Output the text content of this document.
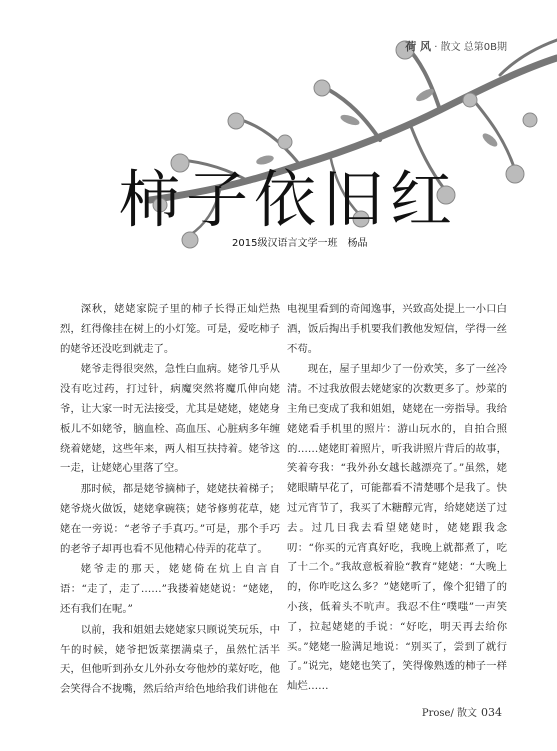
荷 风 · 散文 总第0B期
柿子依旧红
2015级汉语言文学一班 杨晶

深秋，姥姥家院子里的柿子长得正灿烂热烈，红得像挂在树上的小灯笼。可是，爱吃柿子的姥爷还没吃到就走了。

姥爷走得很突然，急性白血病。姥爷几乎从没有吃过药，打过针，病魔突然将魔爪伸向姥爷，让大家一时无法接受，尤其是姥姥，姥姥身板儿不如姥爷，脑血栓、高血压、心脏病多年缠绕着姥姥，这些年来，两人相互扶持着。姥爷这一走，让姥姥心里落了空。

那时候，都是姥爷摘柿子，姥姥扶着梯子；姥爷烧火做饭，姥姥拿碗筷；姥爷修剪花草，姥姥在一旁说：“老爷子手真巧。”可是，那个手巧的老爷子却再也看不见他精心侍弄的花草了。

姥爷走的那天，姥姥倚在炕上自言自语：“走了，走了……”我搂着姥姥说：“姥姥，还有我们在呢。”

以前，我和姐姐去姥姥家只顾说笑玩乐，中午的时候，姥爷把饭菜摆满桌子，虽然忙活半天，但他听到孙女儿外孙女夸他炒的菜好吃，他会笑得合不拢嘴，然后给声给色地给我们讲他在

电视里看到的奇闻逸事，兴致高处提上一小口白酒，饭后掏出手机要我们教他发短信，学得一丝不苟。

现在，屋子里却少了一份欢笑，多了一丝冷清。不过我放假去姥姥家的次数更多了。炒菜的主角已变成了我和姐姐，姥姥在一旁指导。我给姥姥看手机里的照片：游山玩水的，自拍合照的……姥姥盯着照片，听我讲照片背后的故事，笑着夸我：“我外孙女越长越漂亮了。”虽然，姥姥眼睛早花了，可能都看不清楚哪个是我了。快过元宵节了，我买了木糖醇元宵，给姥姥送了过去。过几日我去看望姥姥时，姥姥跟我念叨：“你买的元宵真好吃，我晚上就都煮了，吃了十二个。”我故意板着脸“教育”姥姥：“大晚上的，你咋吃这么多？”姥姥听了，像个犯错了的小孩，低着头不吭声。我忍不住“噗嗤”一声笑了，拉起姥姥的手说：“好吃，明天再去给你买。”姥姥一脸满足地说：“别买了，尝到了就行了。”说完，姥姥也笑了，笑得像熟透的柿子一样灿烂……

Prose/ 散文 034
